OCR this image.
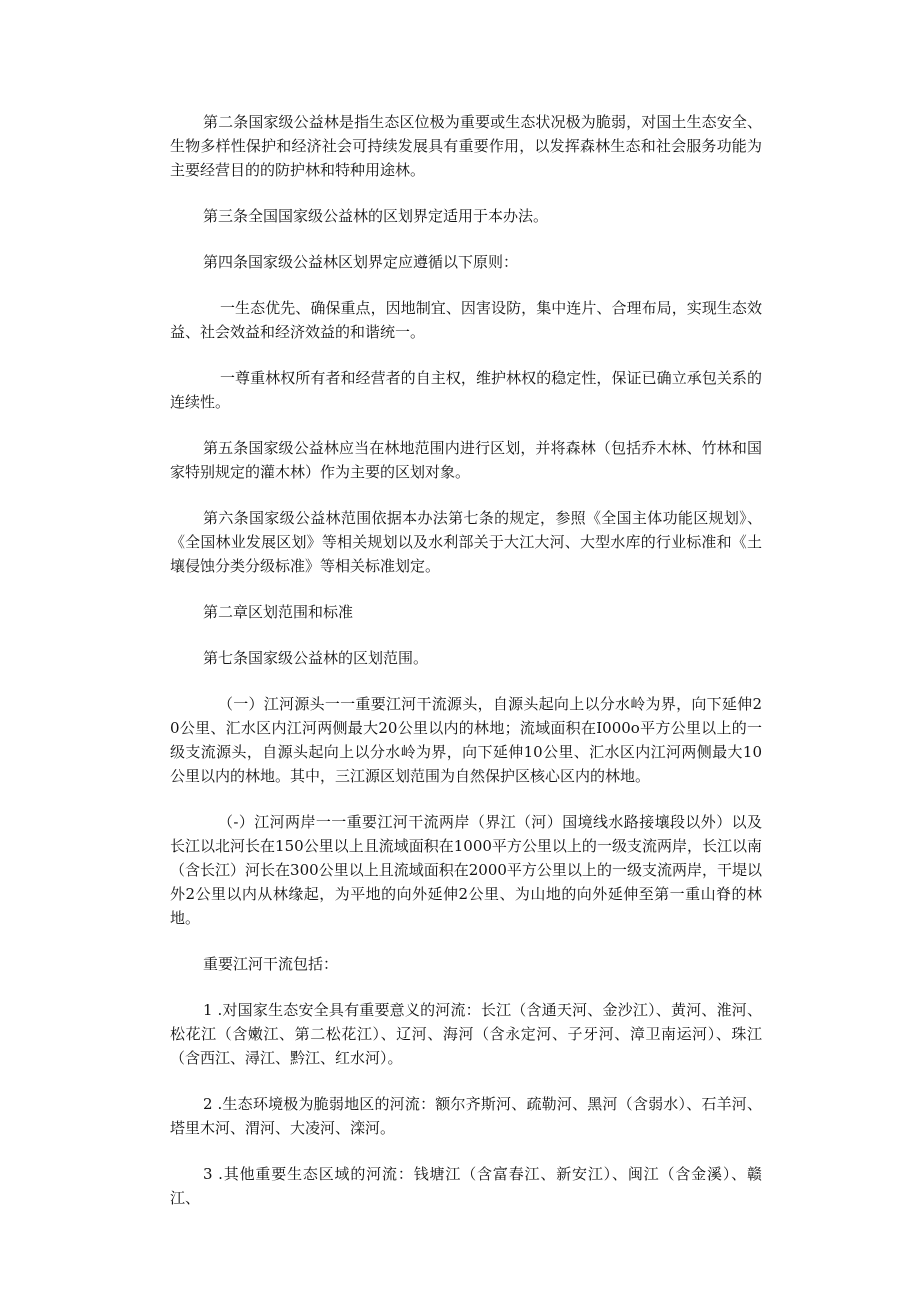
第二条国家级公益林是指生态区位极为重要或生态状况极为脆弱，对国土生态安全、生物多样性保护和经济社会可持续发展具有重要作用，以发挥森林生态和社会服务功能为主要经营目的的防护林和特种用途林。

第三条全国国家级公益林的区划界定适用于本办法。

第四条国家级公益林区划界定应遵循以下原则：

一生态优先、确保重点，因地制宜、因害设防，集中连片、合理布局，实现生态效益、社会效益和经济效益的和谐统一。

一尊重林权所有者和经营者的自主权，维护林权的稳定性，保证已确立承包关系的连续性。

第五条国家级公益林应当在林地范围内进行区划，并将森林（包括乔木林、竹林和国家特别规定的灌木林）作为主要的区划对象。

第六条国家级公益林范围依据本办法第七条的规定，参照《全国主体功能区规划》、《全国林业发展区划》等相关规划以及水利部关于大江大河、大型水库的行业标准和《土壤侵蚀分类分级标准》等相关标准划定。

第二章区划范围和标准

第七条国家级公益林的区划范围。

（一）江河源头一一重要江河干流源头，自源头起向上以分水岭为界，向下延伸20公里、汇水区内江河两侧最大20公里以内的林地；流域面积在I000o平方公里以上的一级支流源头，自源头起向上以分水岭为界，向下延伸10公里、汇水区内江河两侧最大10公里以内的林地。其中，三江源区划范围为自然保护区核心区内的林地。

（-）江河两岸一一重要江河干流两岸（界江（河）国境线水路接壤段以外）以及长江以北河长在150公里以上且流域面积在1000平方公里以上的一级支流两岸，长江以南（含长江）河长在300公里以上且流域面积在2000平方公里以上的一级支流两岸，干堤以外2公里以内从林缘起，为平地的向外延伸2公里、为山地的向外延伸至第一重山脊的林地。

重要江河干流包括：

1 .对国家生态安全具有重要意义的河流：长江（含通天河、金沙江）、黄河、淮河、松花江（含嫩江、第二松花江）、辽河、海河（含永定河、子牙河、漳卫南运河）、珠江（含西江、潯江、黔江、红水河）。

2 .生态环境极为脆弱地区的河流：额尔齐斯河、疏勒河、黑河（含弱水）、石羊河、塔里木河、渭河、大凌河、滦河。

3 .其他重要生态区域的河流：钱塘江（含富春江、新安江）、闽江（含金溪）、赣江、
